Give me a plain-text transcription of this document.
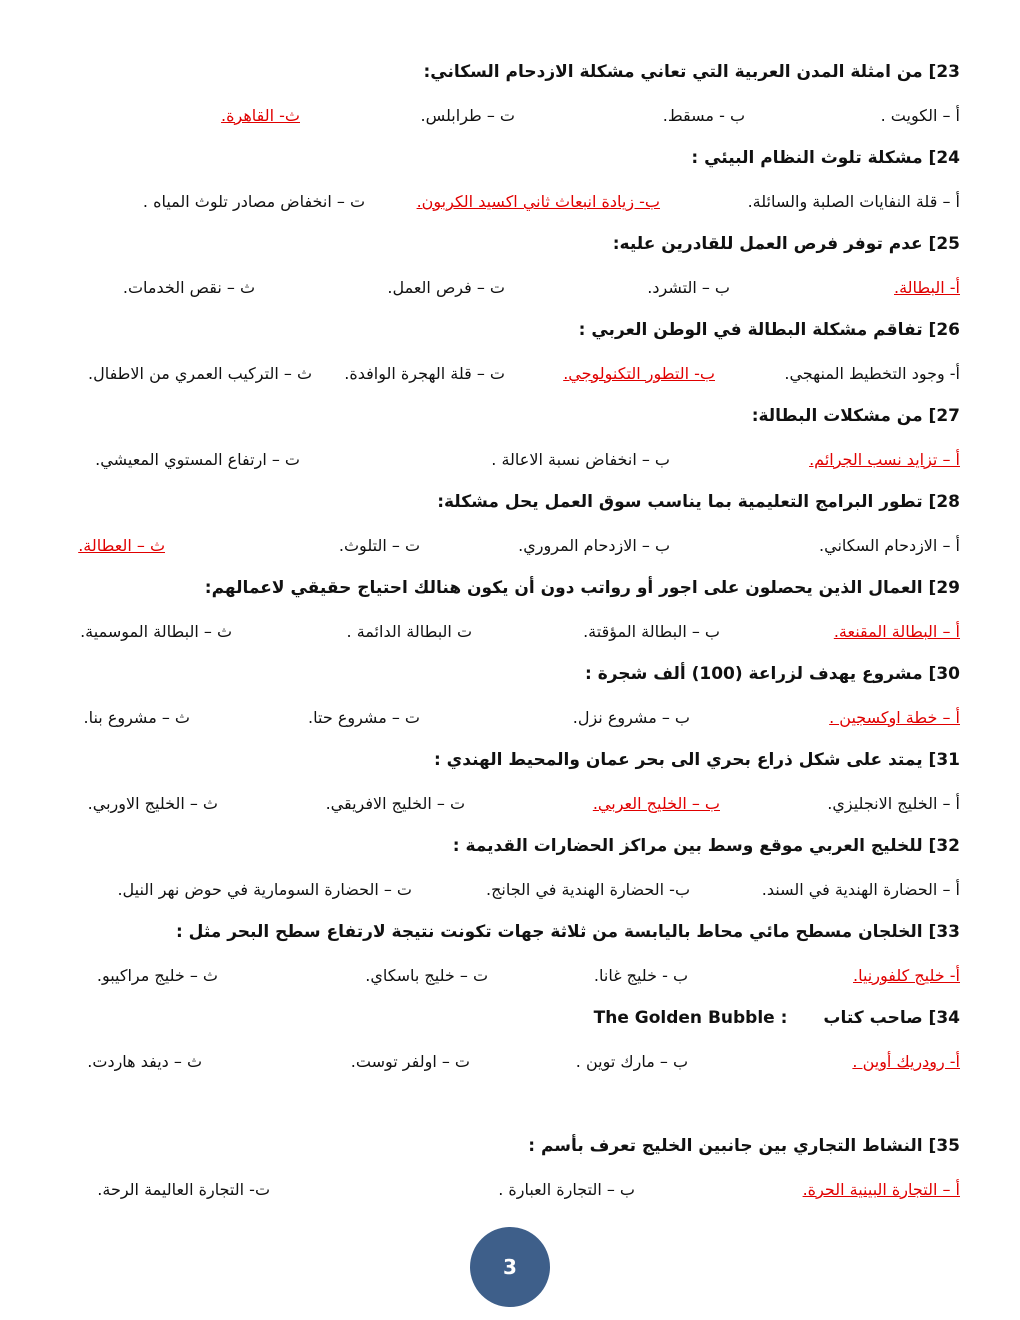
23] من امثلة المدن العربية التي تعاني مشكلة الازدحام السكاني:
أ – الكويت .
ب - مسقط.
ت – طرابلس.
ث- القاهرة.
24] مشكلة تلوث النظام البيئي :
أ – قلة النفايات الصلبة والسائلة.
ب- زيادة انبعاث ثاني اكسيد الكربون.
ت – انخفاض مصادر تلوث المياه .
25] عدم توفر فرص العمل للقادرين عليه:
أ- البطالة.
ب – التشرد.
ت – فرص العمل.
ث – نقص الخدمات.
26] تفاقم مشكلة البطالة في الوطن العربي :
أ- وجود التخطيط المنهجي.
ب- التطور التكنولوجي.
ت – قلة الهجرة الوافدة.
ث – التركيب العمري من الاطفال.
27] من مشكلات البطالة:
أ – تزايد نسب الجرائم.
ب – انخفاض نسبة الاعالة .
ت – ارتفاع المستوي المعيشي.
28] تطور البرامج التعليمية بما يناسب سوق العمل يحل مشكلة:
أ – الازدحام السكاني.
ب – الازدحام المروري.
ت – التلوث.
ث – العطالة.
29] العمال الذين يحصلون على اجور أو رواتب دون أن يكون هنالك احتياج حقيقي لاعمالهم:
أ – البطالة المقنعة.
ب – البطالة المؤقتة.
ت البطالة الدائمة .
ث – البطالة الموسمية.
30] مشروع يهدف لزراعة (100) ألف شجرة :
أ – خطة اوكسجين .
ب – مشروع نزل.
ت – مشروع حتا.
ث – مشروع بنا.
31] يمتد على شكل ذراع بحري الى بحر عمان والمحيط الهندي :
أ – الخليج الانجليزي.
ب – الخليج العربي.
ت – الخليج الافريقي.
ث – الخليج الاوربي.
32] للخليج العربي موقع وسط بين مراكز الحضارات القديمة :
أ – الحضارة الهندية في السند.
ب- الحضارة الهندية في الجانج.
ت – الحضارة السومارية في حوض نهر النيل.
33] الخلجان مسطح مائي محاط باليابسة من ثلاثة جهات تكونت نتيجة لارتفاع سطح البحر مثل :
أ- خليج كلفورنيا.
ب - خليج غانا.
ت – خليج باسكاي.
ث – خليج مراكيبو.
34] صاحب كتاب The Golden Bubble :
أ- رودريك أوين .
ب – مارك توين .
ت – اولفر توست.
ث – ديفد هاردت.
35] النشاط التجاري بين جانبين الخليج تعرف بأسم :
أ – التجارة البينية الحرة.
ب – التجارة العبارة .
ت- التجارة العاليمة الرحة.
3
